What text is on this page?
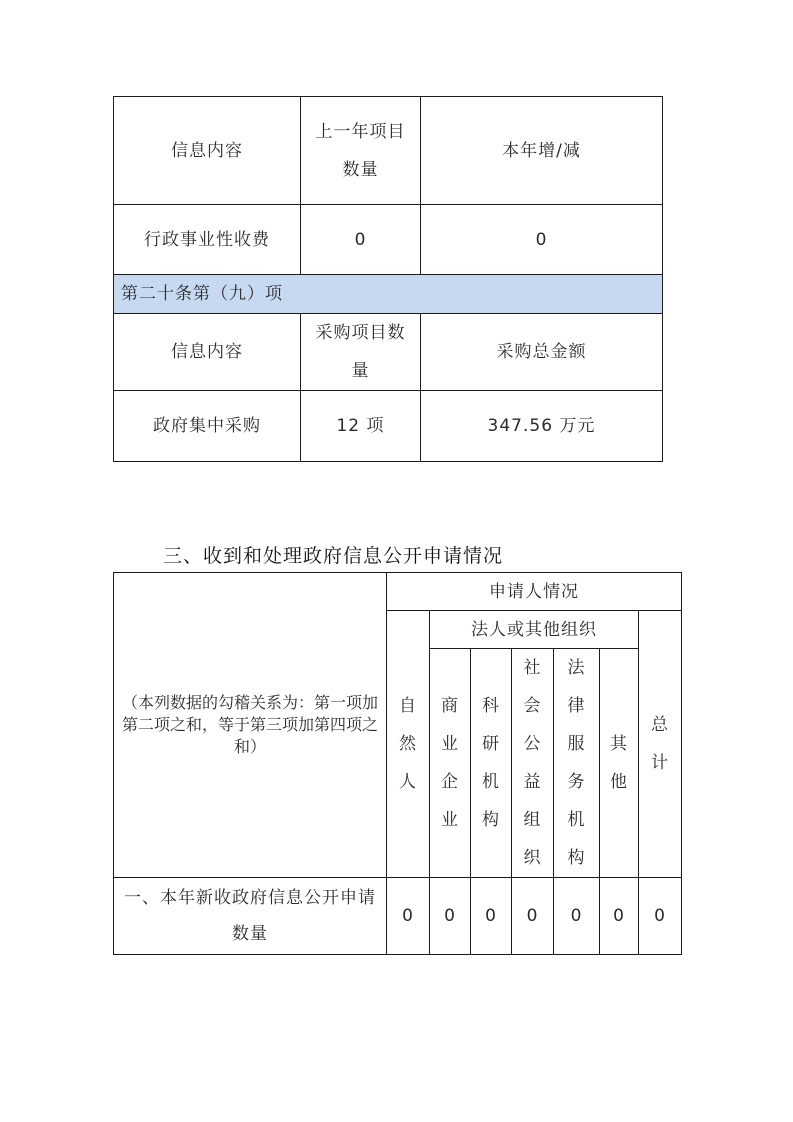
信息内容	上一年项目数量	本年增/减
行政事业性收费	0	0
第二十条第（九）项		
信息内容	采购项目数量	采购总金额
政府集中采购	12 项	347.56 万元
三、收到和处理政府信息公开申请情况
（本列数据的勾稽关系为：第一项加第二项之和，等于第三项加第四项之和）	申请人情况						
	自然人	法人或其他组织					总计
		商业企业	科研机构	社会公益组织	法律服务机构	其他	

一、本年新收政府信息公开申请数量	0	0	0	0	0	0	0
